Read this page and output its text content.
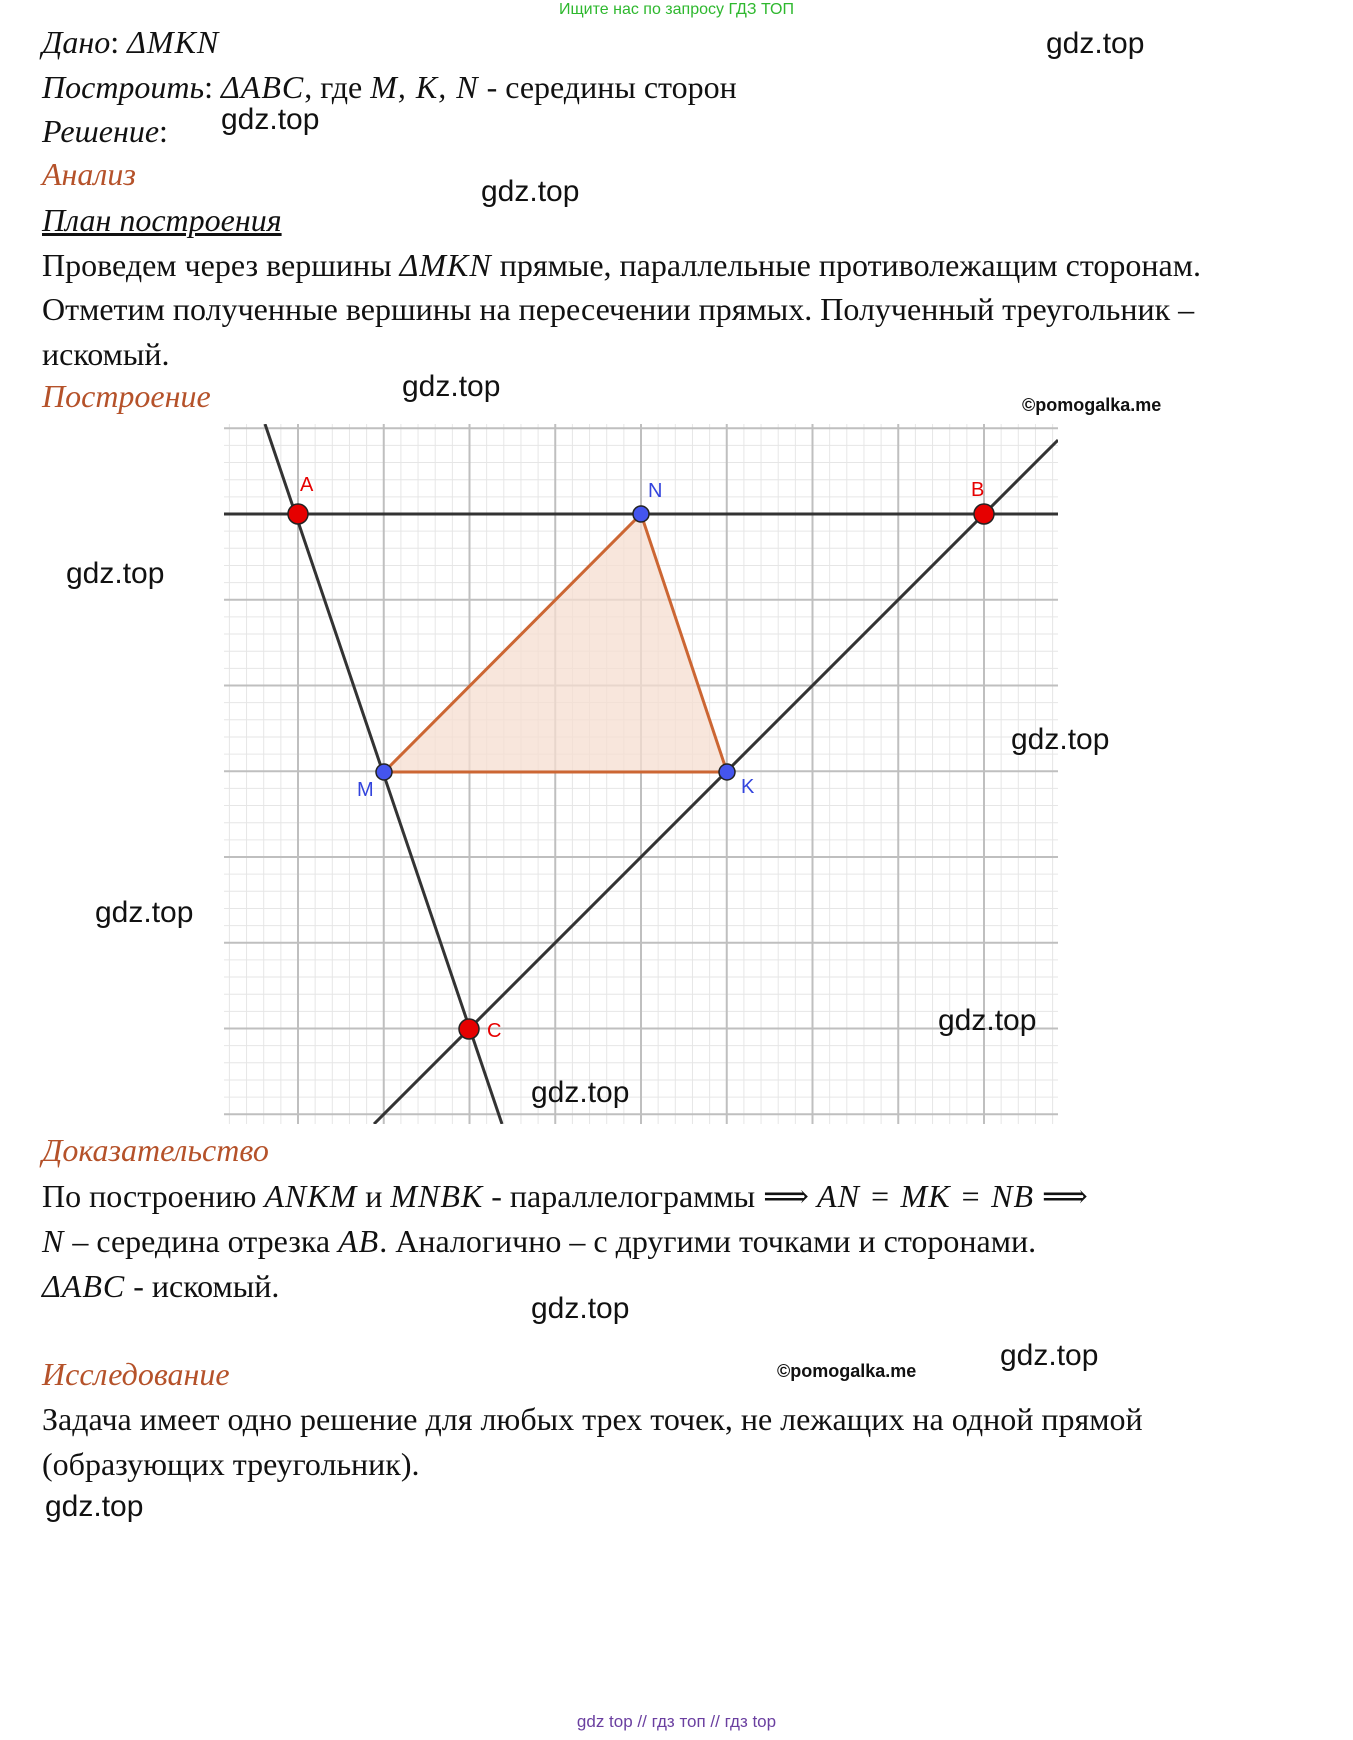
Ищите нас по запросу ГДЗ ТОП
Дано: ΔMKN
Построить: ΔABC, где M, K, N - середины сторон
Решение:
Анализ
План построения
Проведем через вершины ΔMKN прямые, параллельные противолежащим сторонам.
Отметим полученные вершины на пересечении прямых. Полученный треугольник –
искомый.
Построение	©pomogalka.me
A	B
C
N
M	K
Доказательство
По построению ANKM и MNBK - параллелограммы ⟹ AN = MK = NB ⟹
N – середина отрезка AB. Аналогично – с другими точками и сторонами.
ΔABC - искомый.
Исследование	©pomogalka.me
Задача имеет одно решение для любых трех точек, не лежащих на одной прямой
(образующих треугольник).
gdz.top
gdz.top
gdz.top
gdz.top
gdz.top
gdz.top
gdz.top
gdz.top
gdz.top
gdz.top
gdz.top
gdz.top
gdz top // гдз топ // гдз top
